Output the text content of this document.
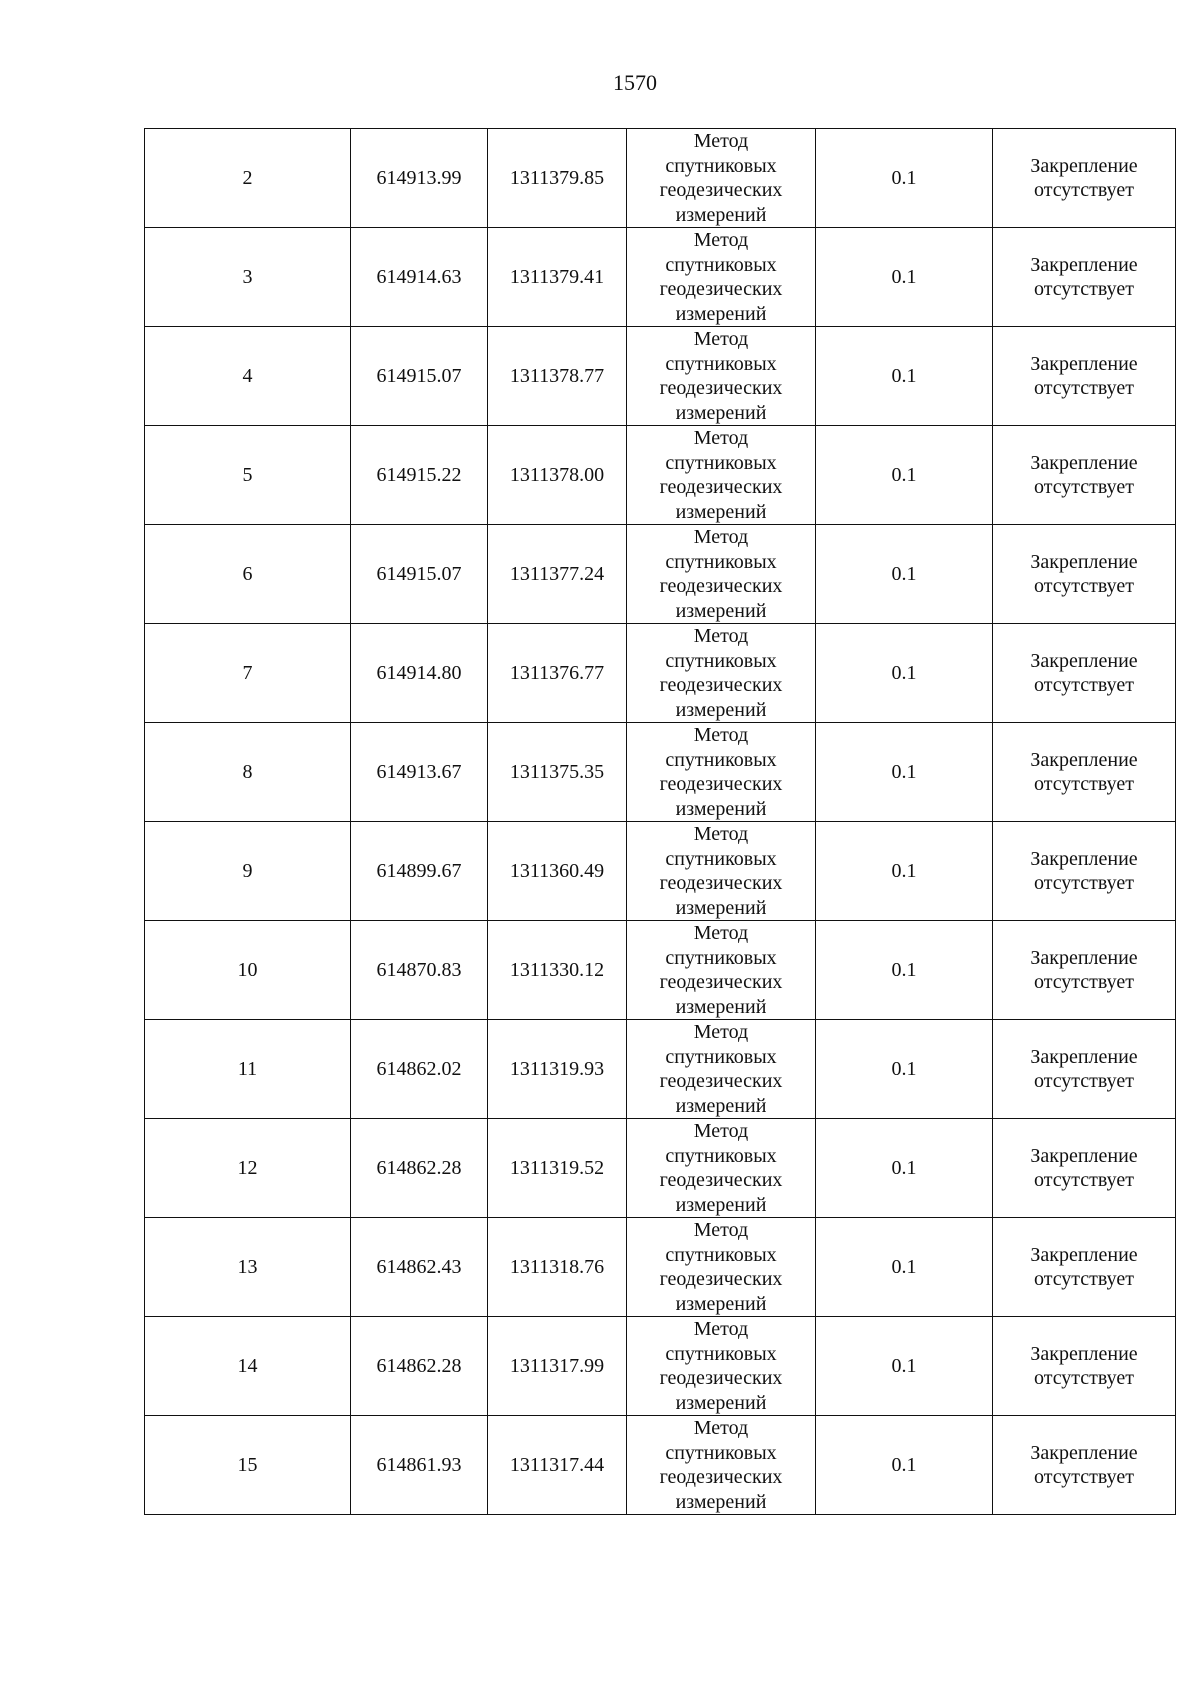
1570
2	614913.99	1311379.85	Метод
спутниковых
геодезических
измерений	0.1	Закрепление
отсутствует

3	614914.63	1311379.41	Метод
спутниковых
геодезических
измерений	0.1	Закрепление
отсутствует

4	614915.07	1311378.77	Метод
спутниковых
геодезических
измерений	0.1	Закрепление
отсутствует

5	614915.22	1311378.00	Метод
спутниковых
геодезических
измерений	0.1	Закрепление
отсутствует

6	614915.07	1311377.24	Метод
спутниковых
геодезических
измерений	0.1	Закрепление
отсутствует

7	614914.80	1311376.77	Метод
спутниковых
геодезических
измерений	0.1	Закрепление
отсутствует

8	614913.67	1311375.35	Метод
спутниковых
геодезических
измерений	0.1	Закрепление
отсутствует

9	614899.67	1311360.49	Метод
спутниковых
геодезических
измерений	0.1	Закрепление
отсутствует

10	614870.83	1311330.12	Метод
спутниковых
геодезических
измерений	0.1	Закрепление
отсутствует

11	614862.02	1311319.93	Метод
спутниковых
геодезических
измерений	0.1	Закрепление
отсутствует

12	614862.28	1311319.52	Метод
спутниковых
геодезических
измерений	0.1	Закрепление
отсутствует

13	614862.43	1311318.76	Метод
спутниковых
геодезических
измерений	0.1	Закрепление
отсутствует

14	614862.28	1311317.99	Метод
спутниковых
геодезических
измерений	0.1	Закрепление
отсутствует

15	614861.93	1311317.44	Метод
спутниковых
геодезических
измерений	0.1	Закрепление
отсутствует
